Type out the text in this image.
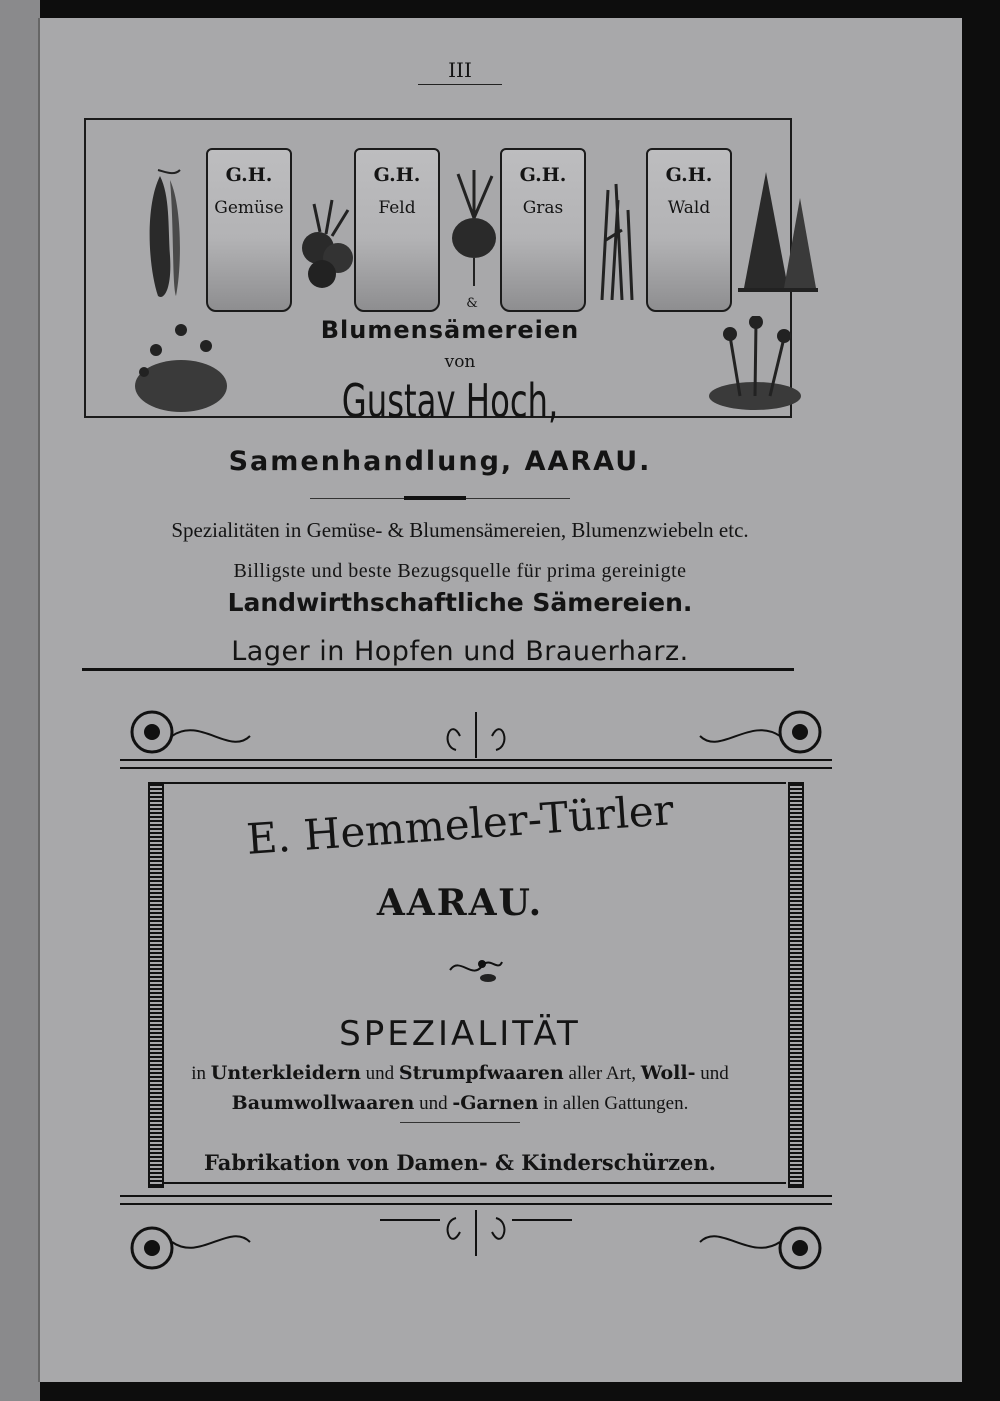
III
G.H.
Gemüse
G.H.
Feld
G.H.
Gras
G.H.
Wald
&
Blumensämereien
von
Gustav Hoch,
Samenhandlung, AARAU.
Spezialitäten in Gemüse- & Blumensämereien, Blumenzwiebeln etc.
Billigste und beste Bezugsquelle für prima gereinigte
Landwirthschaftliche Sämereien.
Lager in Hopfen und Brauerharz.
E. Hemmeler-Türler
AARAU.
SPEZIALITÄT
in Unterkleidern und Strumpfwaaren aller Art, Woll- und
Baumwollwaaren und -Garnen in allen Gattungen.
Fabrikation von Damen- & Kinderschürzen.
